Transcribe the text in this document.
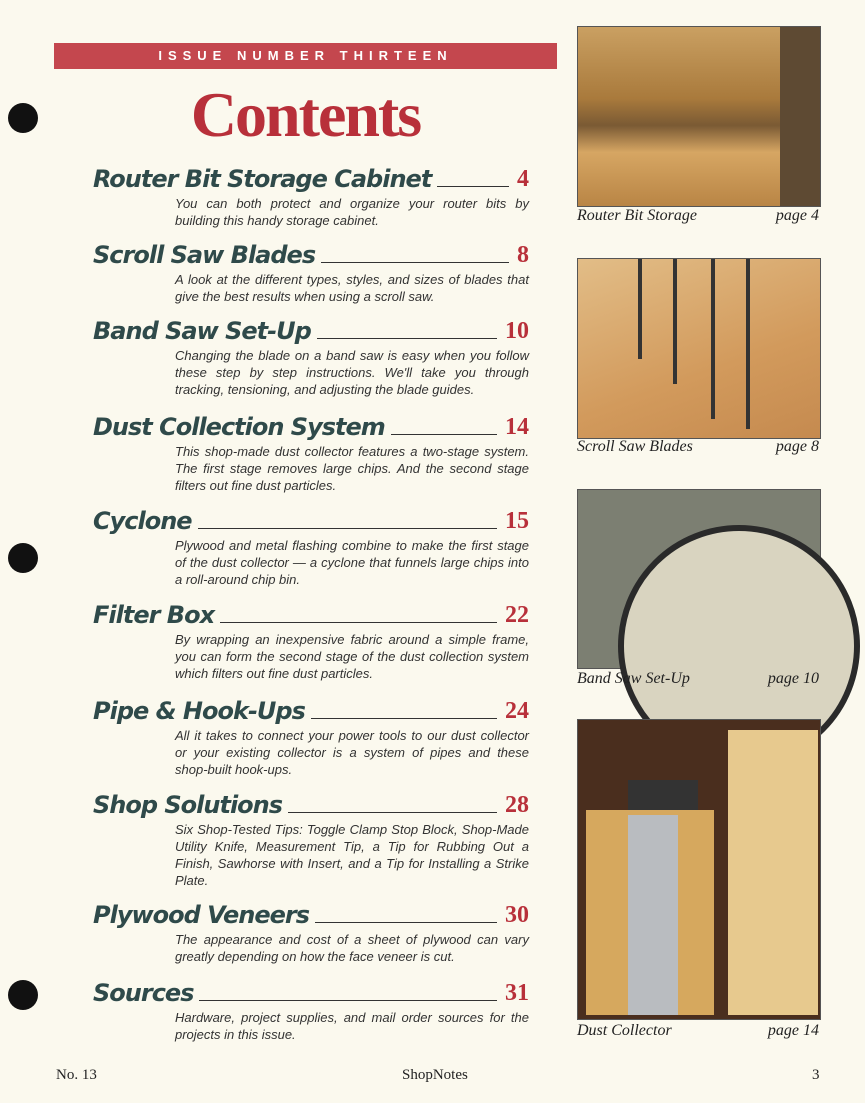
ISSUE NUMBER THIRTEEN
Contents
Router Bit Storage Cabinet	4
You can both protect and organize your router bits by building this handy storage cabinet.
Scroll Saw Blades	8
A look at the different types, styles, and sizes of blades that give the best results when using a scroll saw.
Band Saw Set-Up	10
Changing the blade on a band saw is easy when you follow these step by step instructions. We'll take you through tracking, tensioning, and adjusting the blade guides.
Dust Collection System	14
This shop-made dust collector features a two-stage system. The first stage removes large chips. And the second stage filters out fine dust particles.
Cyclone	15
Plywood and metal flashing combine to make the first stage of the dust collector — a cyclone that funnels large chips into a roll-around chip bin.
Filter Box	22
By wrapping an inexpensive fabric around a simple frame, you can form the second stage of the dust collection system which filters out fine dust particles.
Pipe & Hook-Ups	24
All it takes to connect your power tools to our dust collector or your existing collector is a system of pipes and these shop-built hook-ups.
Shop Solutions	28
Six Shop-Tested Tips: Toggle Clamp Stop Block, Shop-Made Utility Knife, Measurement Tip, a Tip for Rubbing Out a Finish, Sawhorse with Insert, and a Tip for Installing a Strike Plate.
Plywood Veneers	30
The appearance and cost of a sheet of plywood can vary greatly depending on how the face veneer is cut.
Sources	31
Hardware, project supplies, and mail order sources for the projects in this issue.
Router Bit Storage	page 4
Scroll Saw Blades	page 8
Band Saw Set-Up	page 10
Dust Collector	page 14
No. 13	ShopNotes	3
